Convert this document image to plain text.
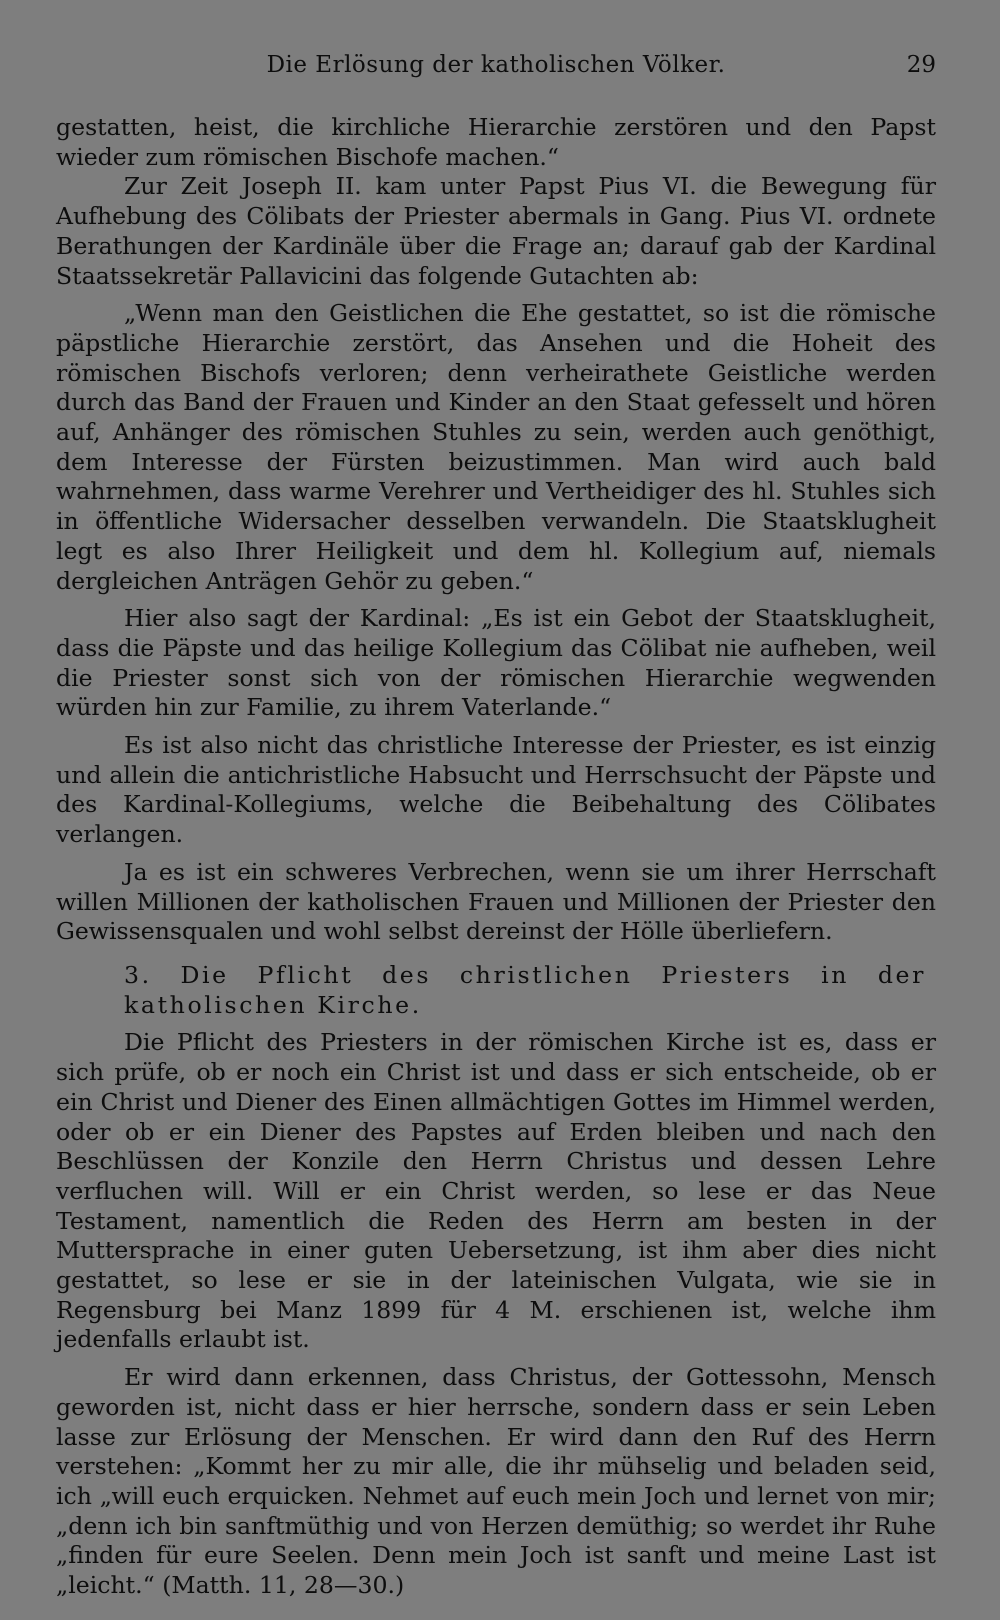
Die Erlösung der katholischen Völker.	29

gestatten, heist, die kirchliche Hierarchie zerstören und den Papst wieder zum römischen Bischofe machen.“

Zur Zeit Joseph II. kam unter Papst Pius VI. die Bewegung für Aufhebung des Cölibats der Priester abermals in Gang. Pius VI. ordnete Berathungen der Kardinäle über die Frage an; darauf gab der Kardinal Staatssekretär Pallavicini das folgende Gutachten ab:

„Wenn man den Geistlichen die Ehe gestattet, so ist die römische päpstliche Hierarchie zerstört, das Ansehen und die Hoheit des römischen Bischofs verloren; denn verheirathete Geistliche werden durch das Band der Frauen und Kinder an den Staat gefesselt und hören auf, Anhänger des römischen Stuhles zu sein, werden auch genöthigt, dem Interesse der Fürsten beizustimmen. Man wird auch bald wahrnehmen, dass warme Verehrer und Vertheidiger des hl. Stuhles sich in öffentliche Widersacher desselben verwandeln. Die Staatsklugheit legt es also Ihrer Heiligkeit und dem hl. Kollegium auf, niemals dergleichen Anträgen Gehör zu geben.“

Hier also sagt der Kardinal: „Es ist ein Gebot der Staatsklugheit, dass die Päpste und das heilige Kollegium das Cölibat nie aufheben, weil die Priester sonst sich von der römischen Hierarchie wegwenden würden hin zur Familie, zu ihrem Vaterlande.“

Es ist also nicht das christliche Interesse der Priester, es ist einzig und allein die antichristliche Habsucht und Herrschsucht der Päpste und des Kardinal-Kollegiums, welche die Beibehaltung des Cölibates verlangen.

Ja es ist ein schweres Verbrechen, wenn sie um ihrer Herrschaft willen Millionen der katholischen Frauen und Millionen der Priester den Gewissensqualen und wohl selbst dereinst der Hölle überliefern.

3. Die Pflicht des christlichen Priesters in der katholischen Kirche.

Die Pflicht des Priesters in der römischen Kirche ist es, dass er sich prüfe, ob er noch ein Christ ist und dass er sich entscheide, ob er ein Christ und Diener des Einen allmächtigen Gottes im Himmel werden, oder ob er ein Diener des Papstes auf Erden bleiben und nach den Beschlüssen der Konzile den Herrn Christus und dessen Lehre verfluchen will. Will er ein Christ werden, so lese er das Neue Testament, namentlich die Reden des Herrn am besten in der Muttersprache in einer guten Uebersetzung, ist ihm aber dies nicht gestattet, so lese er sie in der lateinischen Vulgata, wie sie in Regensburg bei Manz 1899 für 4 M. erschienen ist, welche ihm jedenfalls erlaubt ist.

Er wird dann erkennen, dass Christus, der Gottessohn, Mensch geworden ist, nicht dass er hier herrsche, sondern dass er sein Leben lasse zur Erlösung der Menschen. Er wird dann den Ruf des Herrn verstehen: „Kommt her zu mir alle, die ihr mühselig und beladen seid, ich „will euch erquicken. Nehmet auf euch mein Joch und lernet von mir; „denn ich bin sanftmüthig und von Herzen demüthig; so werdet ihr Ruhe „finden für eure Seelen. Denn mein Joch ist sanft und meine Last ist „leicht.“ (Matth. 11, 28—30.)
